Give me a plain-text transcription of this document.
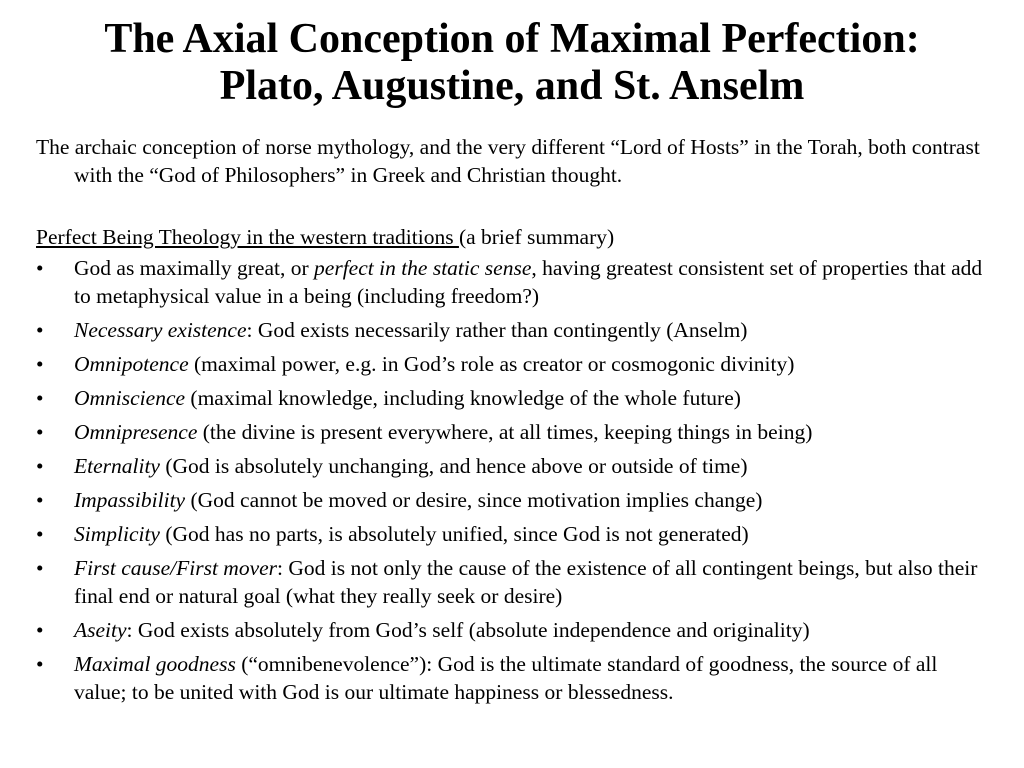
The Axial Conception of Maximal Perfection:
Plato, Augustine, and St. Anselm

The archaic conception of norse mythology, and the very different “Lord of Hosts” in the Torah, both contrast with the “God of Philosophers” in Greek and Christian thought.

Perfect Being Theology in the western traditions (a brief summary)
• God as maximally great, or perfect in the static sense, having greatest consistent set of properties that add to metaphysical value in a being (including freedom?)
• Necessary existence: God exists necessarily rather than contingently (Anselm)
• Omnipotence (maximal power, e.g. in God’s role as creator or cosmogonic divinity)
• Omniscience (maximal knowledge, including knowledge of the whole future)
• Omnipresence (the divine is present everywhere, at all times, keeping things in being)
• Eternality (God is absolutely unchanging, and hence above or outside of time)
• Impassibility (God cannot be moved or desire, since motivation implies change)
• Simplicity (God has no parts, is absolutely unified, since God is not generated)
• First cause/First mover: God is not only the cause of the existence of all contingent beings, but also their final end or natural goal (what they really seek or desire)
• Aseity: God exists absolutely from God’s self (absolute independence and originality)
• Maximal goodness (“omnibenevolence”): God is the ultimate standard of goodness, the source of all value; to be united with God is our ultimate happiness or blessedness.
